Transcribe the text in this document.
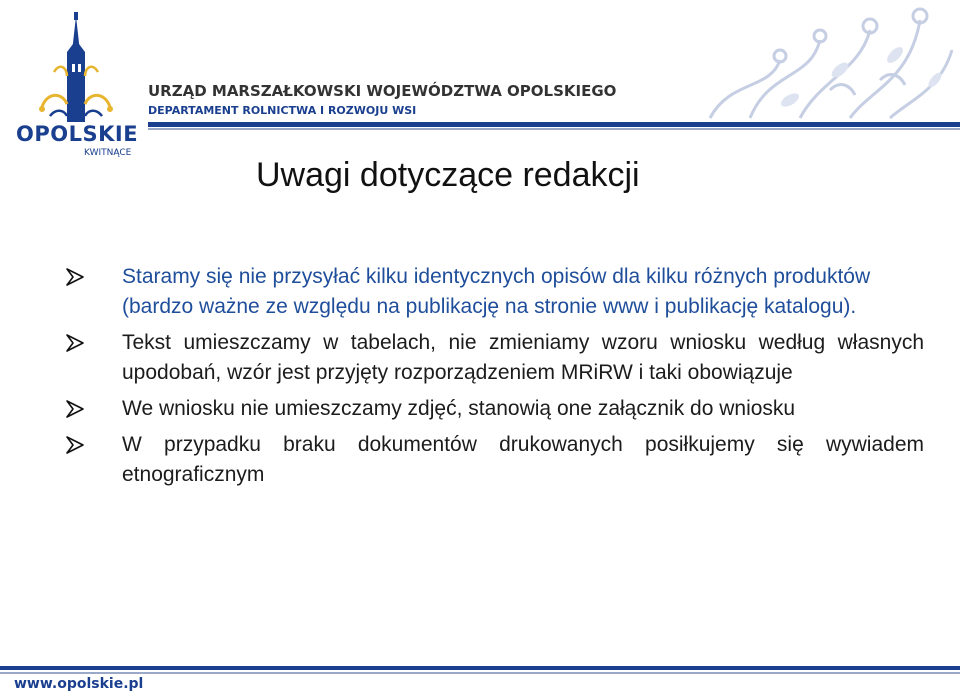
OPOLSKIE
KWITNĄCE
URZĄD MARSZAŁKOWSKI WOJEWÓDZTWA OPOLSKIEGO
DEPARTAMENT ROLNICTWA I ROZWOJU WSI
Uwagi dotyczące redakcji
Staramy się nie przysyłać kilku identycznych opisów dla kilku różnych produktów (bardzo ważne ze względu na publikację na stronie www i publikację katalogu).
Tekst umieszczamy w tabelach, nie zmieniamy wzoru wniosku według własnych upodobań, wzór jest przyjęty rozporządzeniem MRiRW i taki obowiązuje
We wniosku nie umieszczamy zdjęć, stanowią one załącznik do wniosku
W przypadku braku dokumentów drukowanych posiłkujemy się wywiadem etnograficznym
www.opolskie.pl
